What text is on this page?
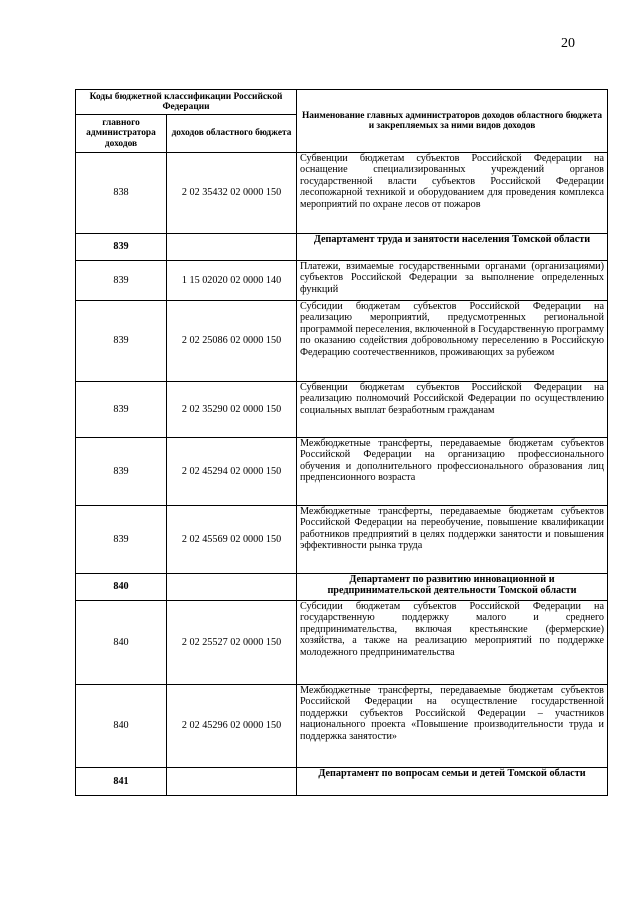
20
Коды бюджетной классификации Российской Федерации		Наименование главных администраторов доходов областного бюджета и закрепляемых за ними видов доходов
главного администратора доходов	доходов областного бюджета	
838	2 02 35432 02 0000 150	Субвенции бюджетам субъектов Российской Федерации на оснащение специализированных учреждений органов государственной власти субъектов Российской Федерации лесопожарной техникой и оборудованием для проведения комплекса мероприятий по охране лесов от пожаров
839		Департамент труда и занятости населения Томской области
839	1 15 02020 02 0000 140	Платежи, взимаемые государственными органами (организациями) субъектов Российской Федерации за выполнение определенных функций
839	2 02 25086 02 0000 150	Субсидии бюджетам субъектов Российской Федерации на реализацию мероприятий, предусмотренных региональной программой переселения, включенной в Государственную программу по оказанию содействия добровольному переселению в Российскую Федерацию соотечественников, проживающих за рубежом
839	2 02 35290 02 0000 150	Субвенции бюджетам субъектов Российской Федерации на реализацию полномочий Российской Федерации по осуществлению социальных выплат безработным гражданам
839	2 02 45294 02 0000 150	Межбюджетные трансферты, передаваемые бюджетам субъектов Российской Федерации на организацию профессионального обучения и дополнительного профессионального образования лиц предпенсионного возраста
839	2 02 45569 02 0000 150	Межбюджетные трансферты, передаваемые бюджетам субъектов Российской Федерации на переобучение, повышение квалификации работников предприятий в целях поддержки занятости и повышения эффективности рынка труда
840		Департамент по развитию инновационной и предпринимательской деятельности Томской области
840	2 02 25527 02 0000 150	Субсидии бюджетам субъектов Российской Федерации на государственную поддержку малого и среднего предпринимательства, включая крестьянские (фермерские) хозяйства, а также на реализацию мероприятий по поддержке молодежного предпринимательства
840	2 02 45296 02 0000 150	Межбюджетные трансферты, передаваемые бюджетам субъектов Российской Федерации на осуществление государственной поддержки субъектов Российской Федерации – участников национального проекта «Повышение производительности труда и поддержка занятости»
841		Департамент по вопросам семьи и детей Томской области
